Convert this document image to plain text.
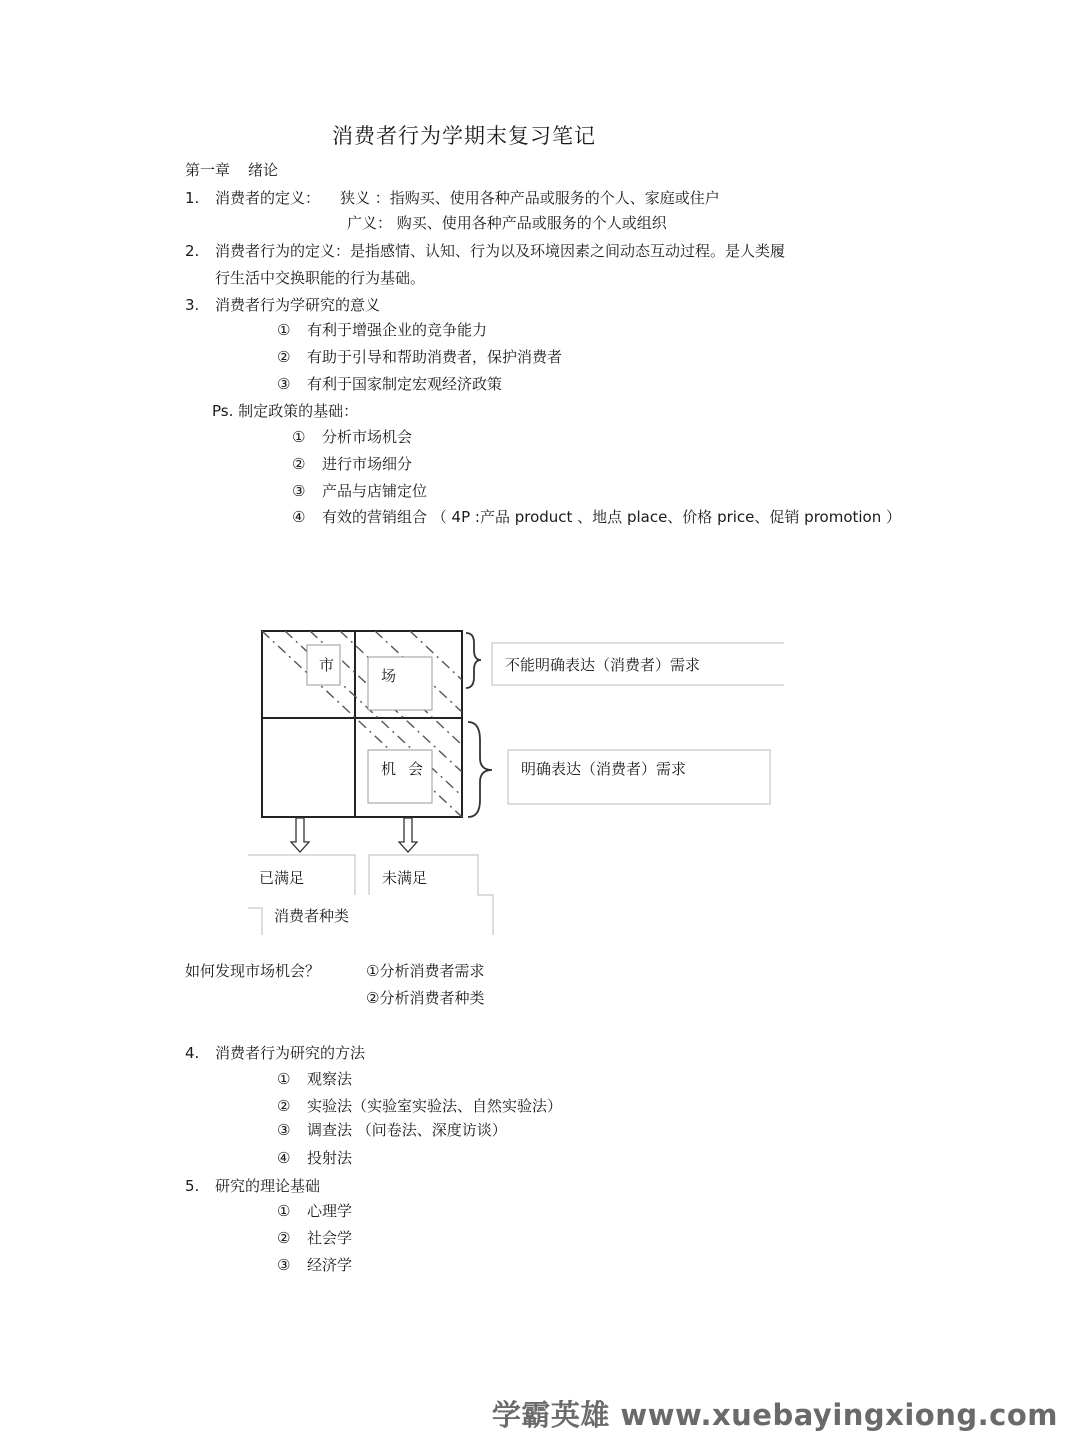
消费者行为学期末复习笔记
第一章 绪论
1. 消费者的定义： 狭义 ：指购买、使用各种产品或服务的个人、家庭或住户
广义： 购买、使用各种产品或服务的个人或组织
2. 消费者行为的定义：是指感情、认知、行为以及环境因素之间动态互动过程。是人类履
行生活中交换职能的行为基础。
3. 消费者行为学研究的意义
① 有利于增强企业的竞争能力
② 有助于引导和帮助消费者，保护消费者
③ 有利于国家制定宏观经济政策
Ps. 制定政策的基础：
① 分析市场机会
② 进行市场细分
③ 产品与店铺定位
④ 有效的营销组合 （ 4P :产品 product 、地点 place、价格 price、促销 promotion ）
市
场
机 会
不能明确表达（消费者）需求
明确表达（消费者）需求
已满足	未满足
消费者种类
如何发现市场机会？	①分析消费者需求
②分析消费者种类
4. 消费者行为研究的方法
① 观察法
② 实验法（实验室实验法、自然实验法）
③ 调查法 （问卷法、深度访谈）
④ 投射法
5. 研究的理论基础
① 心理学
② 社会学
③ 经济学
学霸英雄 www.xuebayingxiong.com
